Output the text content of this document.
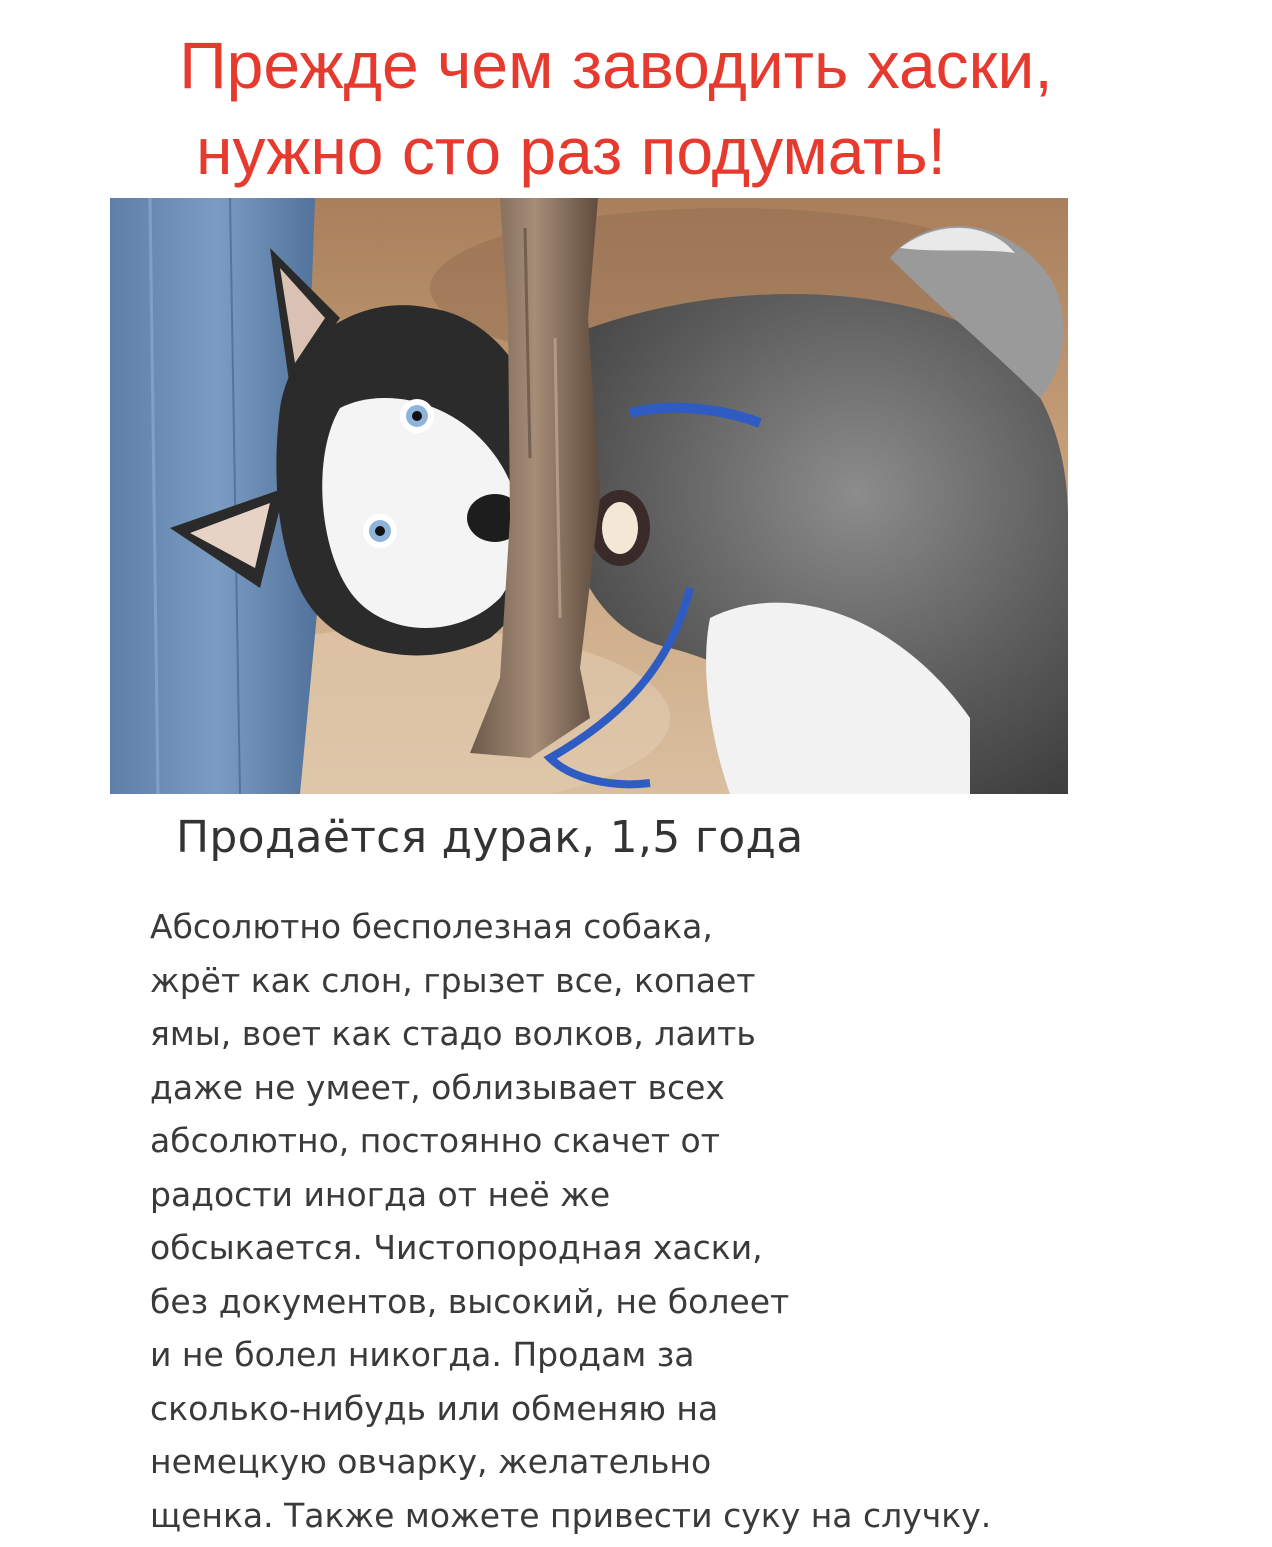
Прежде чем заводить хаски,
нужно сто раз подумать!
Продаётся дурак, 1,5 года
Абсолютно бесполезная собака,
жрёт как слон, грызет все, копает
ямы, воет как стадо волков, лаить
даже не умеет, облизывает всех
абсолютно, постоянно скачет от
радости иногда от неё же
обсыкается. Чистопородная хаски,
без документов, высокий, не болеет
и не болел никогда. Продам за
сколько-нибудь или обменяю на
немецкую овчарку, желательно
щенка. Также можете привести суку на случку.
